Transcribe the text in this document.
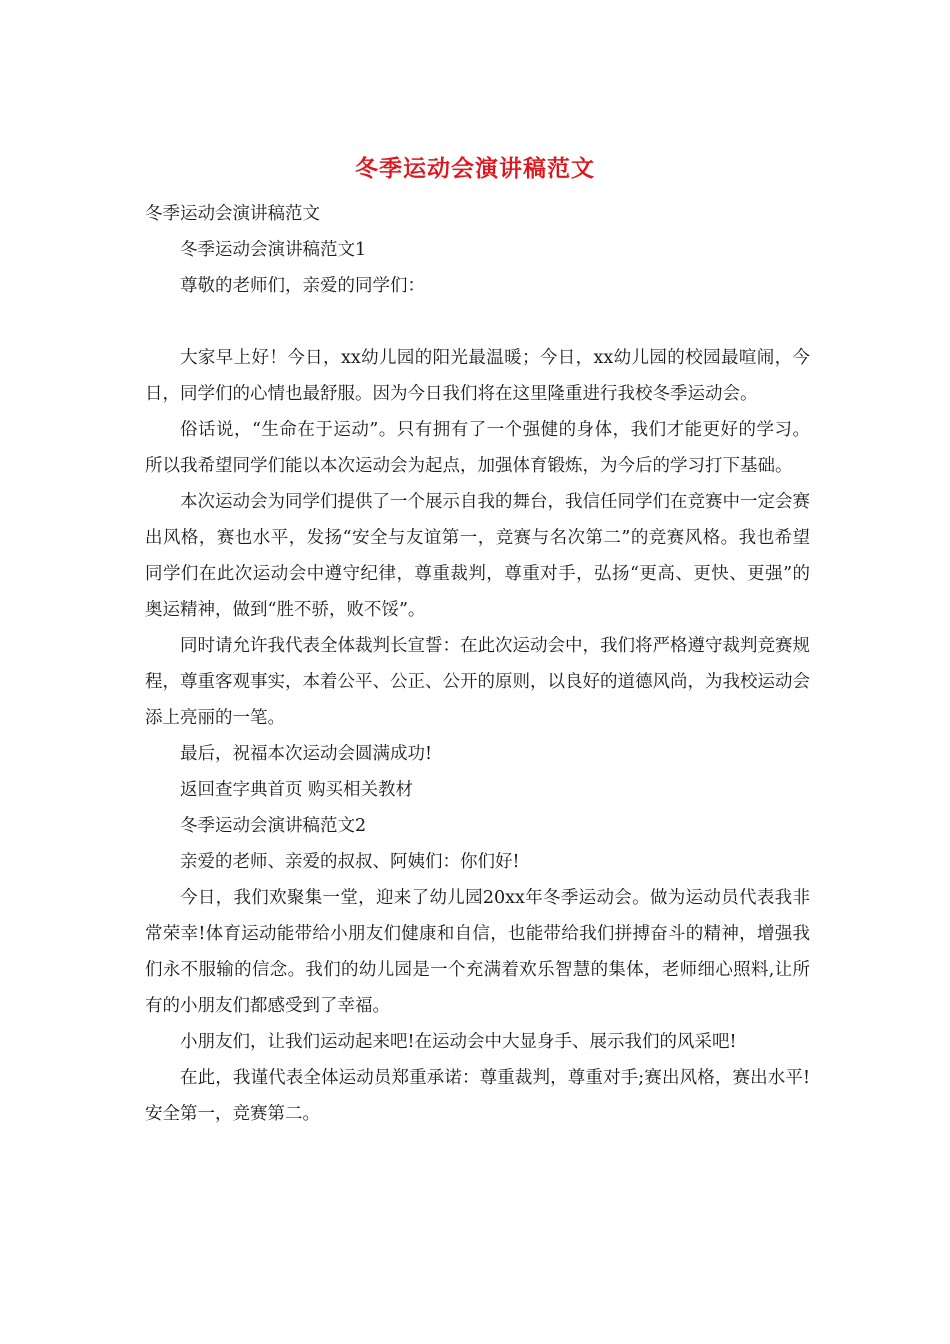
冬季运动会演讲稿范文

冬季运动会演讲稿范文

冬季运动会演讲稿范文1

尊敬的老师们，亲爱的同学们：

大家早上好！今日，xx幼儿园的阳光最温暖；今日，xx幼儿园的校园最喧闹，今日，同学们的心情也最舒服。因为今日我们将在这里隆重进行我校冬季运动会。

俗话说，“生命在于运动”。只有拥有了一个强健的身体，我们才能更好的学习。所以我希望同学们能以本次运动会为起点，加强体育锻炼，为今后的学习打下基础。

本次运动会为同学们提供了一个展示自我的舞台，我信任同学们在竞赛中一定会赛出风格，赛也水平，发扬“安全与友谊第一，竞赛与名次第二”的竞赛风格。我也希望同学们在此次运动会中遵守纪律，尊重裁判，尊重对手，弘扬“更高、更快、更强”的奥运精神，做到“胜不骄，败不馁”。

同时请允许我代表全体裁判长宣誓：在此次运动会中，我们将严格遵守裁判竞赛规程，尊重客观事实，本着公平、公正、公开的原则，以良好的道德风尚，为我校运动会添上亮丽的一笔。

最后，祝福本次运动会圆满成功!

返回查字典首页 购买相关教材

冬季运动会演讲稿范文2

亲爱的老师、亲爱的叔叔、阿姨们：你们好!

今日，我们欢聚集一堂，迎来了幼儿园20xx年冬季运动会。做为运动员代表我非常荣幸!体育运动能带给小朋友们健康和自信，也能带给我们拼搏奋斗的精神，增强我们永不服输的信念。我们的幼儿园是一个充满着欢乐智慧的集体，老师细心照料,让所有的小朋友们都感受到了幸福。

小朋友们，让我们运动起来吧!在运动会中大显身手、展示我们的风采吧!

在此，我谨代表全体运动员郑重承诺：尊重裁判，尊重对手;赛出风格，赛出水平!安全第一，竞赛第二。
